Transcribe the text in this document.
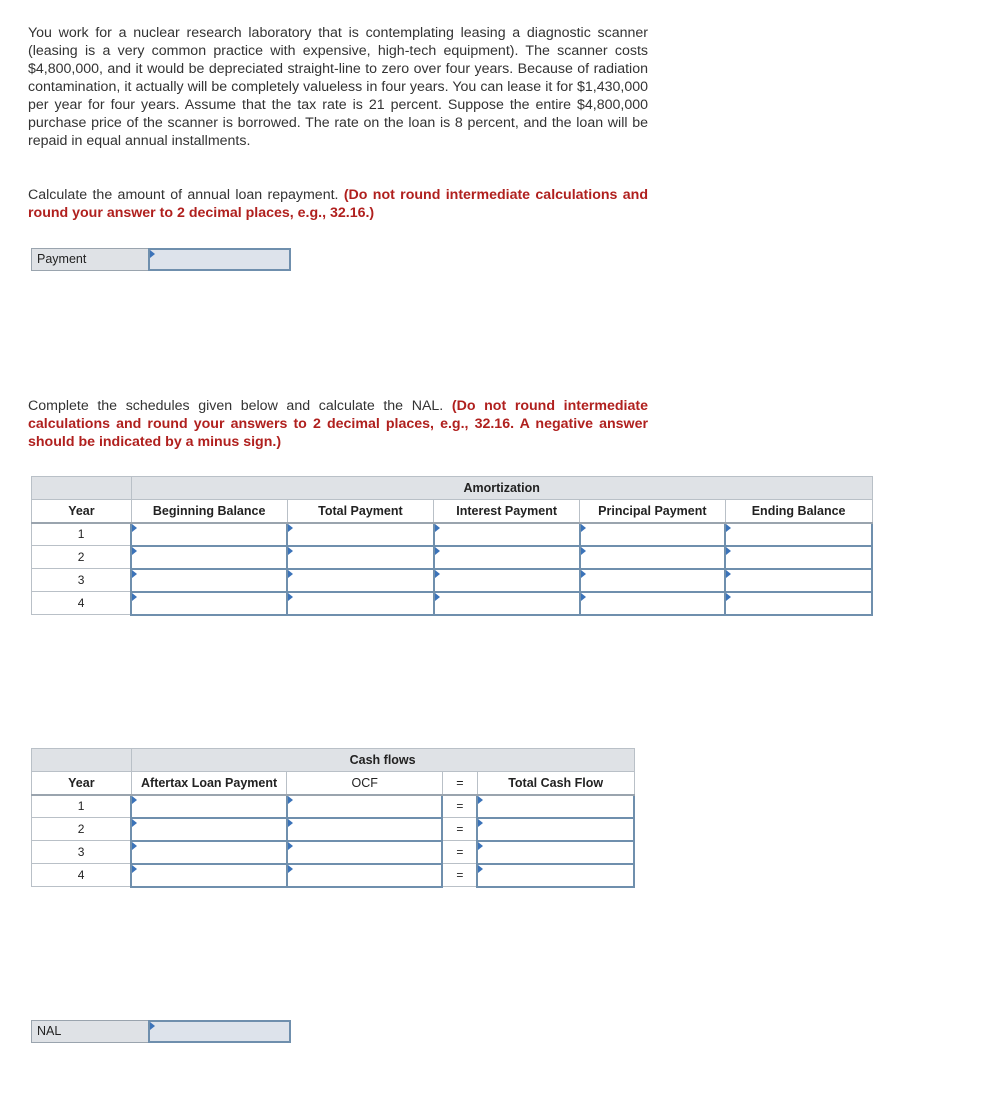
You work for a nuclear research laboratory that is contemplating leasing a diagnostic scanner (leasing is a very common practice with expensive, high-tech equipment). The scanner costs $4,800,000, and it would be depreciated straight-line to zero over four years. Because of radiation contamination, it actually will be completely valueless in four years. You can lease it for $1,430,000 per year for four years. Assume that the tax rate is 21 percent. Suppose the entire $4,800,000 purchase price of the scanner is borrowed. The rate on the loan is 8 percent, and the loan will be repaid in equal annual installments.
Calculate the amount of annual loan repayment. (Do not round intermediate calculations and round your answer to 2 decimal places, e.g., 32.16.)
Payment
Complete the schedules given below and calculate the NAL. (Do not round intermediate calculations and round your answers to 2 decimal places, e.g., 32.16. A negative answer should be indicated by a minus sign.)
	Amortization				
Year	Beginning Balance	Total Payment	Interest Payment	Principal Payment	Ending Balance
1	

2	

3	

4	

	Cash flows			
Year	Aftertax Loan Payment	OCF	=	Total Cash Flow
1			=	

2			=	

3			=	

4			=	
NAL
